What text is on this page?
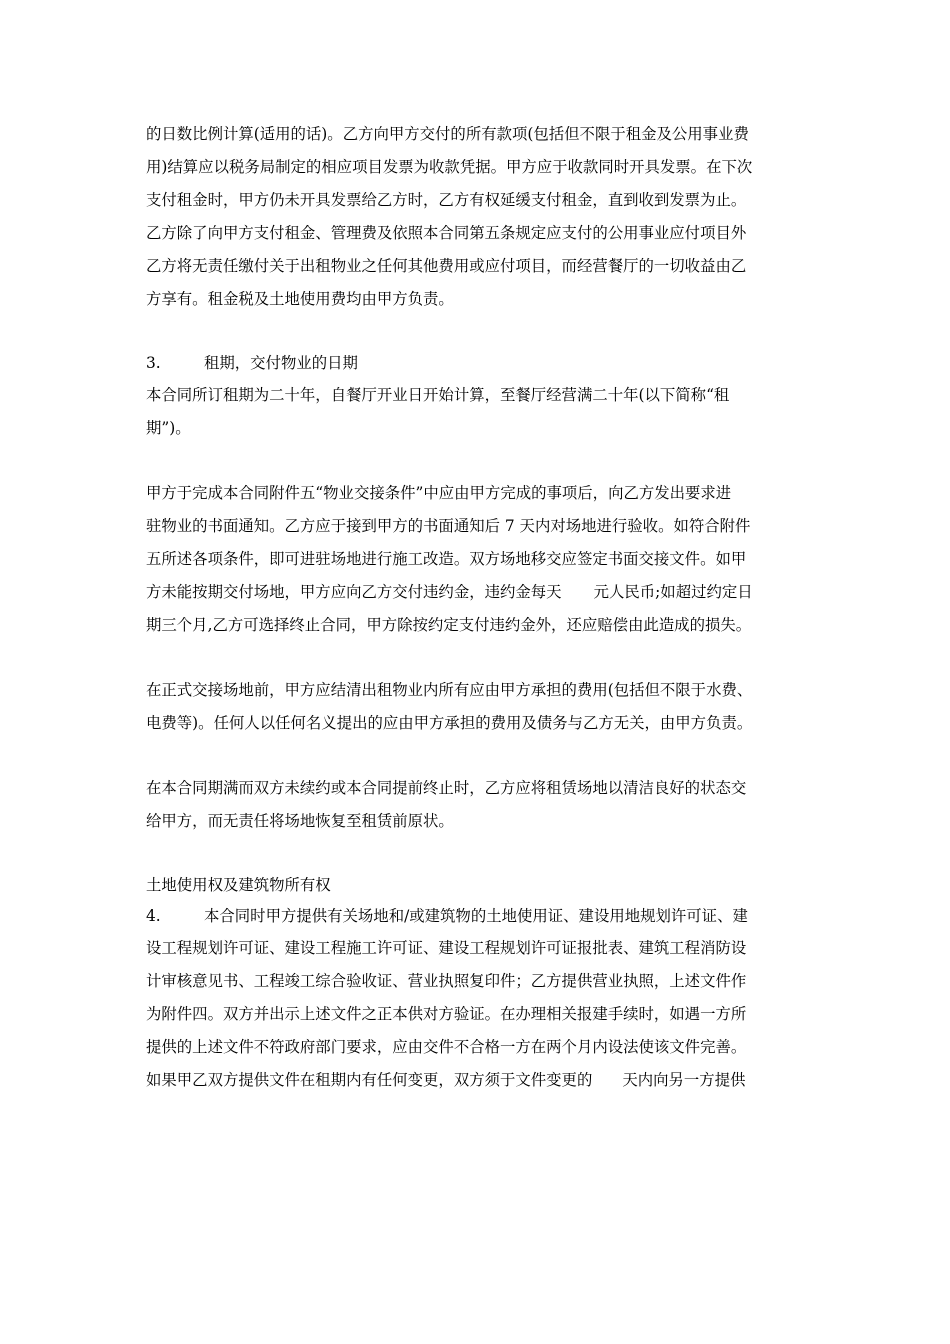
的日数比例计算(适用的话)。乙方向甲方交付的所有款项(包括但不限于租金及公用事业费
用)结算应以税务局制定的相应项目发票为收款凭据。甲方应于收款同时开具发票。在下次
支付租金时，甲方仍未开具发票给乙方时，乙方有权延缓支付租金，直到收到发票为止。
乙方除了向甲方支付租金、管理费及依照本合同第五条规定应支付的公用事业应付项目外
乙方将无责任缴付关于出租物业之任何其他费用或应付项目，而经营餐厅的一切收益由乙
方享有。租金税及土地使用费均由甲方负责。
3.	租期，交付物业的日期
本合同所订租期为二十年，自餐厅开业日开始计算，至餐厅经营满二十年(以下简称“租
期”)。
甲方于完成本合同附件五“物业交接条件”中应由甲方完成的事项后，向乙方发出要求进
驻物业的书面通知。乙方应于接到甲方的书面通知后 7 天内对场地进行验收。如符合附件
五所述各项条件，即可进驻场地进行施工改造。双方场地移交应签定书面交接文件。如甲
方未能按期交付场地，甲方应向乙方交付违约金，违约金每天 元人民币;如超过约定日
期三个月,乙方可选择终止合同，甲方除按约定支付违约金外，还应赔偿由此造成的损失。
在正式交接场地前，甲方应结清出租物业内所有应由甲方承担的费用(包括但不限于水费、
电费等)。任何人以任何名义提出的应由甲方承担的费用及债务与乙方无关，由甲方负责。
在本合同期满而双方未续约或本合同提前终止时，乙方应将租赁场地以清洁良好的状态交
给甲方，而无责任将场地恢复至租赁前原状。
土地使用权及建筑物所有权
4.	本合同时甲方提供有关场地和/或建筑物的土地使用证、建设用地规划许可证、建
设工程规划许可证、建设工程施工许可证、建设工程规划许可证报批表、建筑工程消防设
计审核意见书、工程竣工综合验收证、营业执照复印件；乙方提供营业执照，上述文件作
为附件四。双方并出示上述文件之正本供对方验证。在办理相关报建手续时，如遇一方所
提供的上述文件不符政府部门要求，应由交件不合格一方在两个月内设法使该文件完善。
如果甲乙双方提供文件在租期内有任何变更，双方须于文件变更的 天内向另一方提供
